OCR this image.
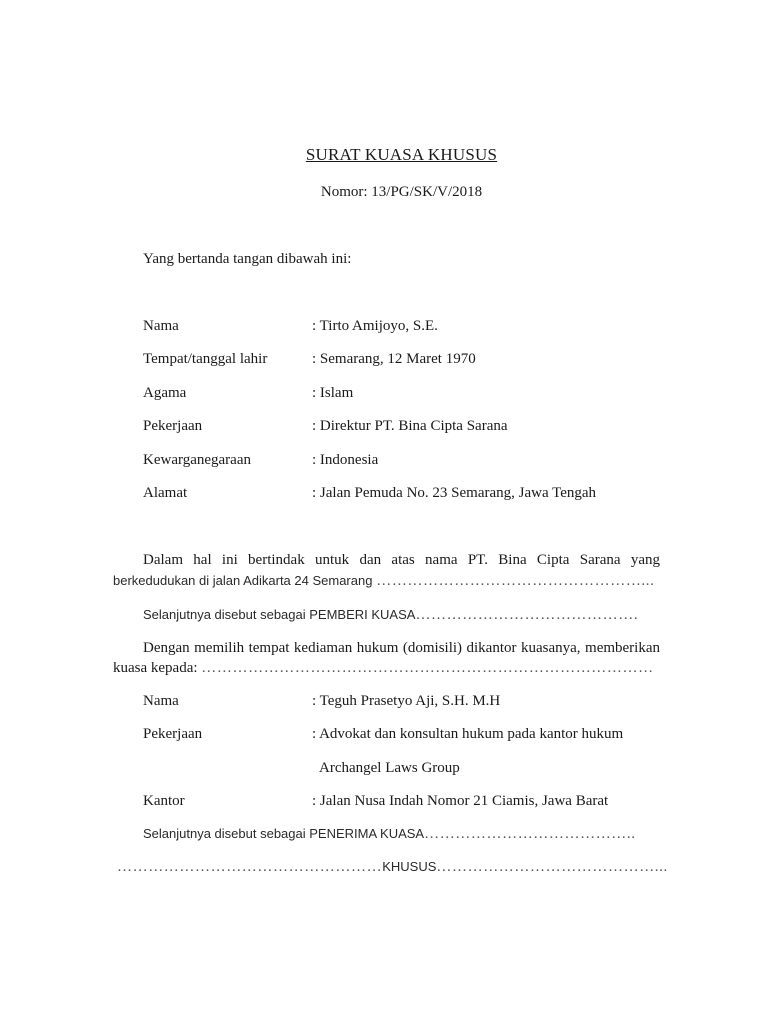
SURAT KUASA KHUSUS
Nomor: 13/PG/SK/V/2018
Yang bertanda tangan dibawah ini:
Nama	: Tirto Amijoyo, S.E.
Tempat/tanggal lahir	: Semarang, 12 Maret 1970
Agama	: Islam
Pekerjaan	: Direktur PT. Bina Cipta Sarana
Kewarganegaraan	: Indonesia
Alamat	: Jalan Pemuda No. 23 Semarang, Jawa Tengah
Dalam hal ini bertindak untuk dan atas nama PT. Bina Cipta Sarana yang
berkedudukan di jalan Adikarta 24 Semarang ……………………………………………...
Selanjutnya disebut sebagai PEMBERI KUASA…………………………………….
Dengan memilih tempat kediaman hukum (domisili) dikantor kuasanya, memberikan
kuasa kepada: ……………………………………………………………………………
Nama	: Teguh Prasetyo Aji, S.H. M.H
Pekerjaan	: Advokat dan konsultan hukum pada kantor hukum
Archangel Laws Group
Kantor	: Jalan Nusa Indah Nomor 21 Ciamis, Jawa Barat
Selanjutnya disebut sebagai PENERIMA KUASA…………………………………..
……………………………………………KHUSUS……………………………………...
